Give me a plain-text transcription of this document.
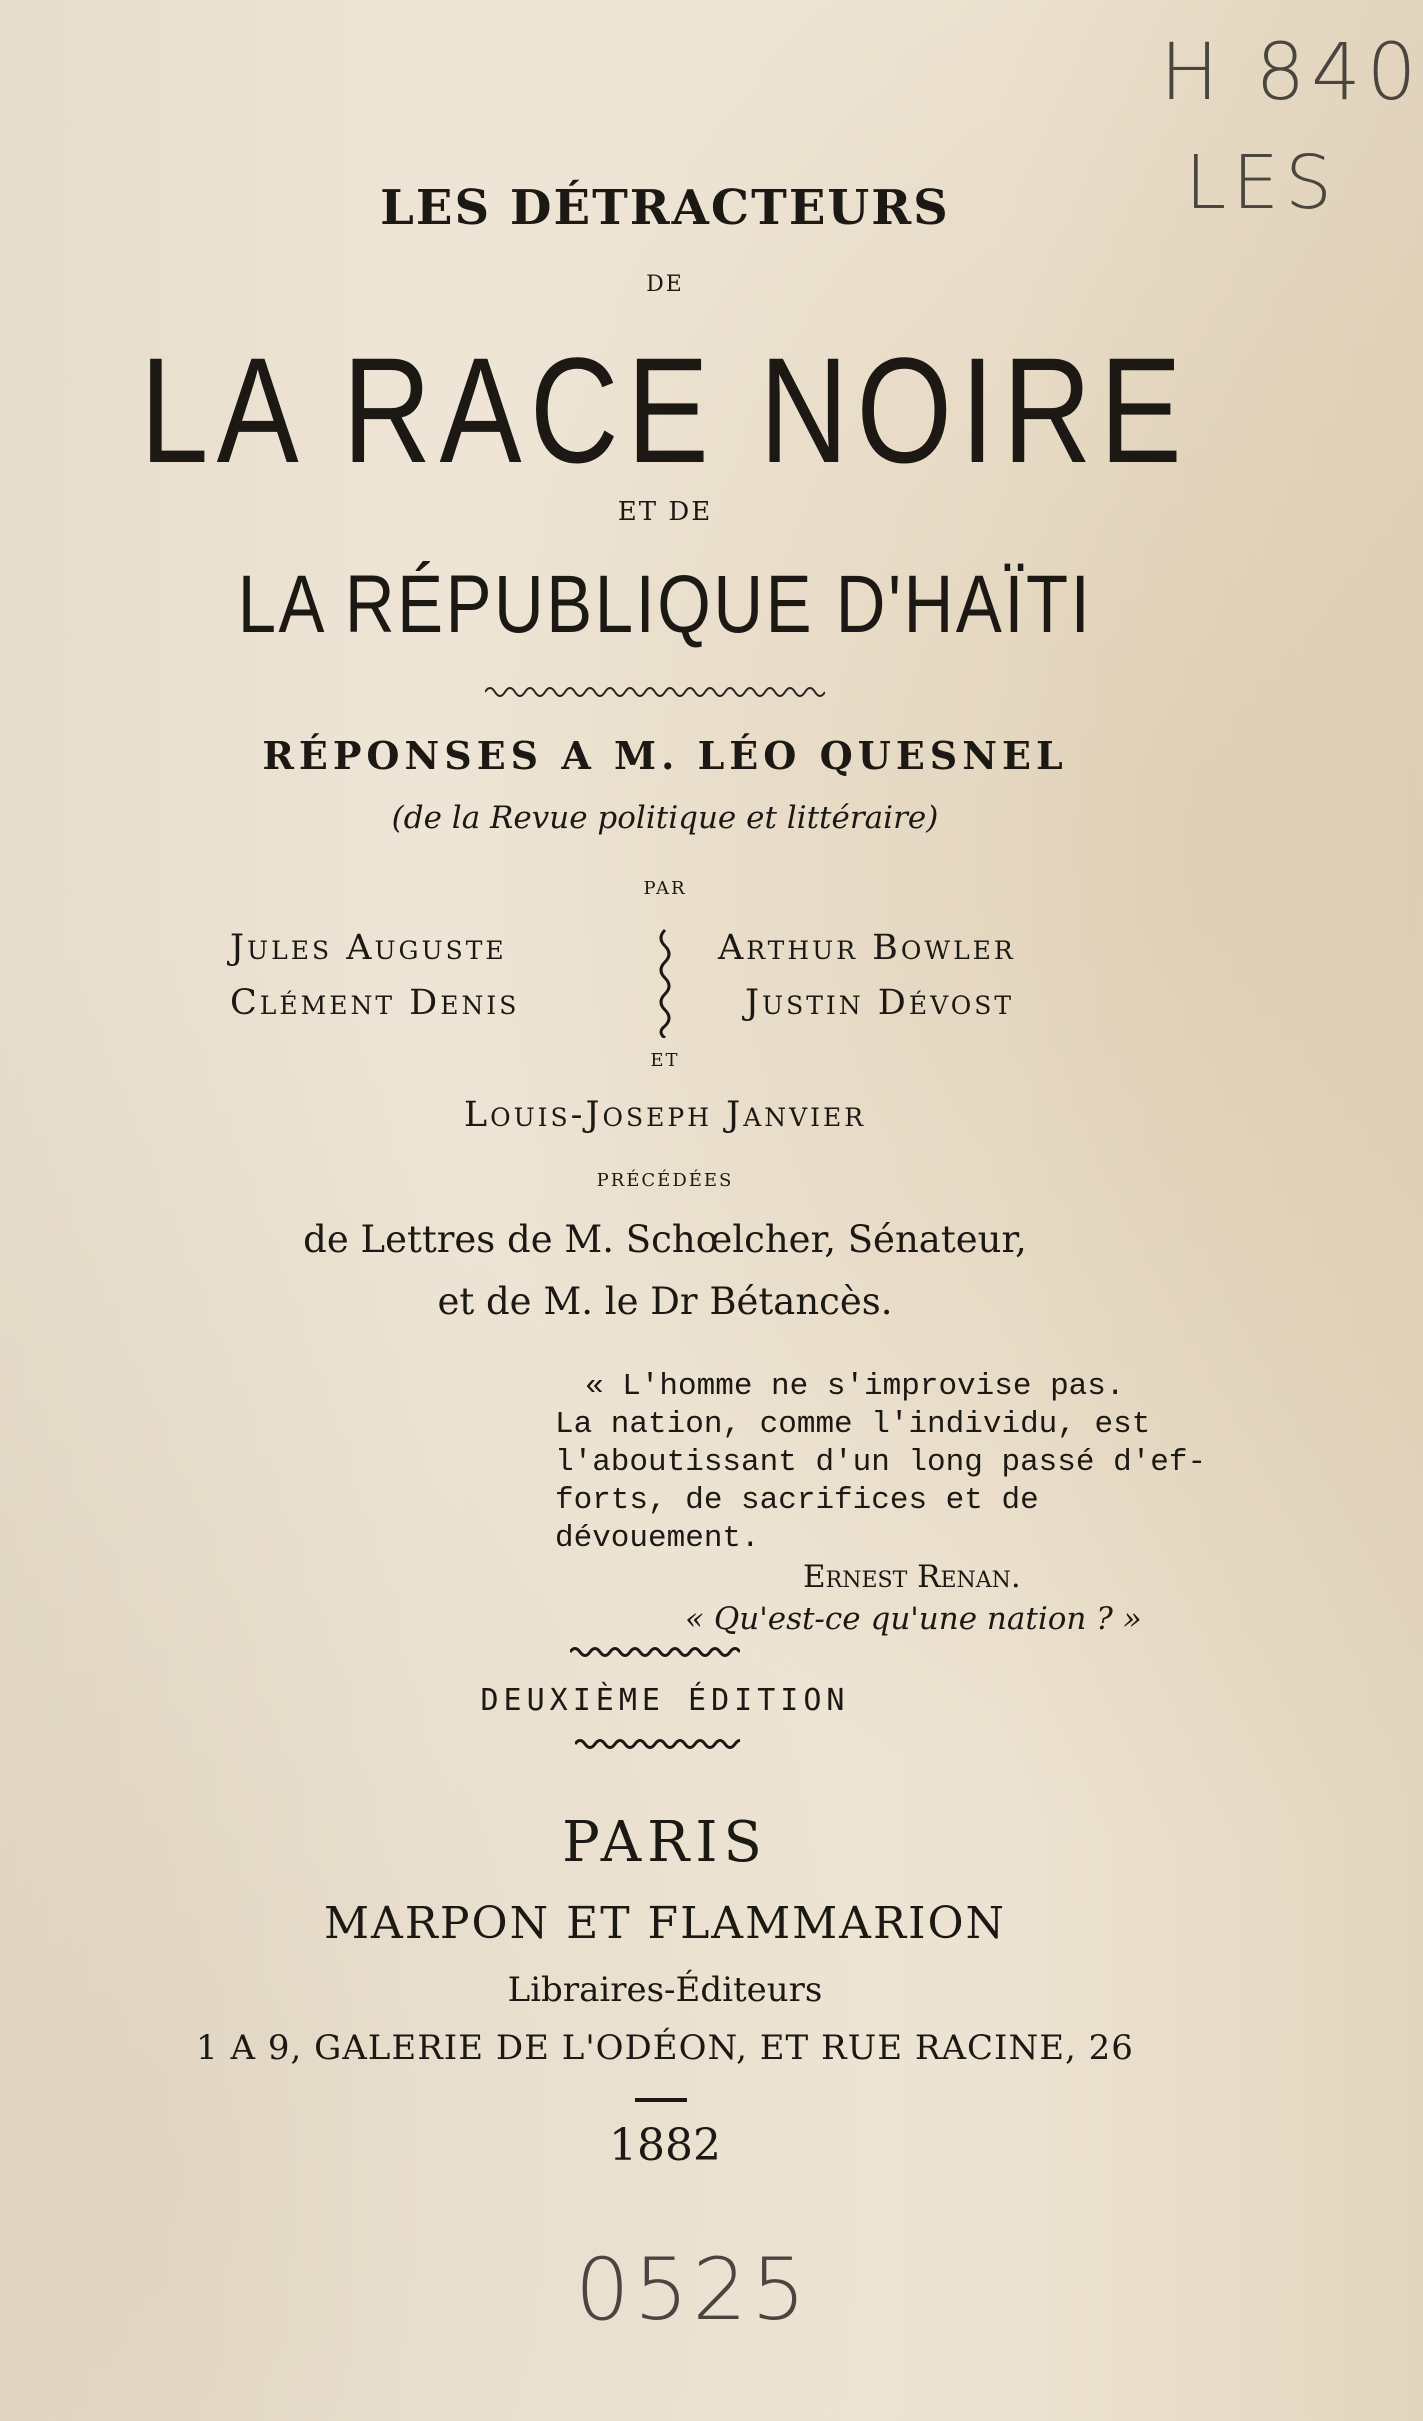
H 840
LES
LES DÉTRACTEURS
DE
LA RACE NOIRE
ET DE
LA RÉPUBLIQUE D'HAÏTI
RÉPONSES A M. LÉO QUESNEL
(de la Revue politique et littéraire)
PAR
Jules Auguste
Clément Denis
Arthur Bowler
Justin Dévost
ET
Louis-Joseph Janvier
PRÉCÉDÉES
de Lettres de M. Schœlcher, Sénateur,
et de M. le Dr Bétancès.
« L'homme ne s'improvise pas.
La nation, comme l'individu, est
l'aboutissant d'un long passé d'ef-
forts, de sacrifices et de dévouement.
Ernest Renan.
« Qu'est-ce qu'une nation ? »
DEUXIÈME ÉDITION
PARIS
MARPON ET FLAMMARION
Libraires-Éditeurs
1 A 9, GALERIE DE L'ODÉON, ET RUE RACINE, 26
1882
0525
